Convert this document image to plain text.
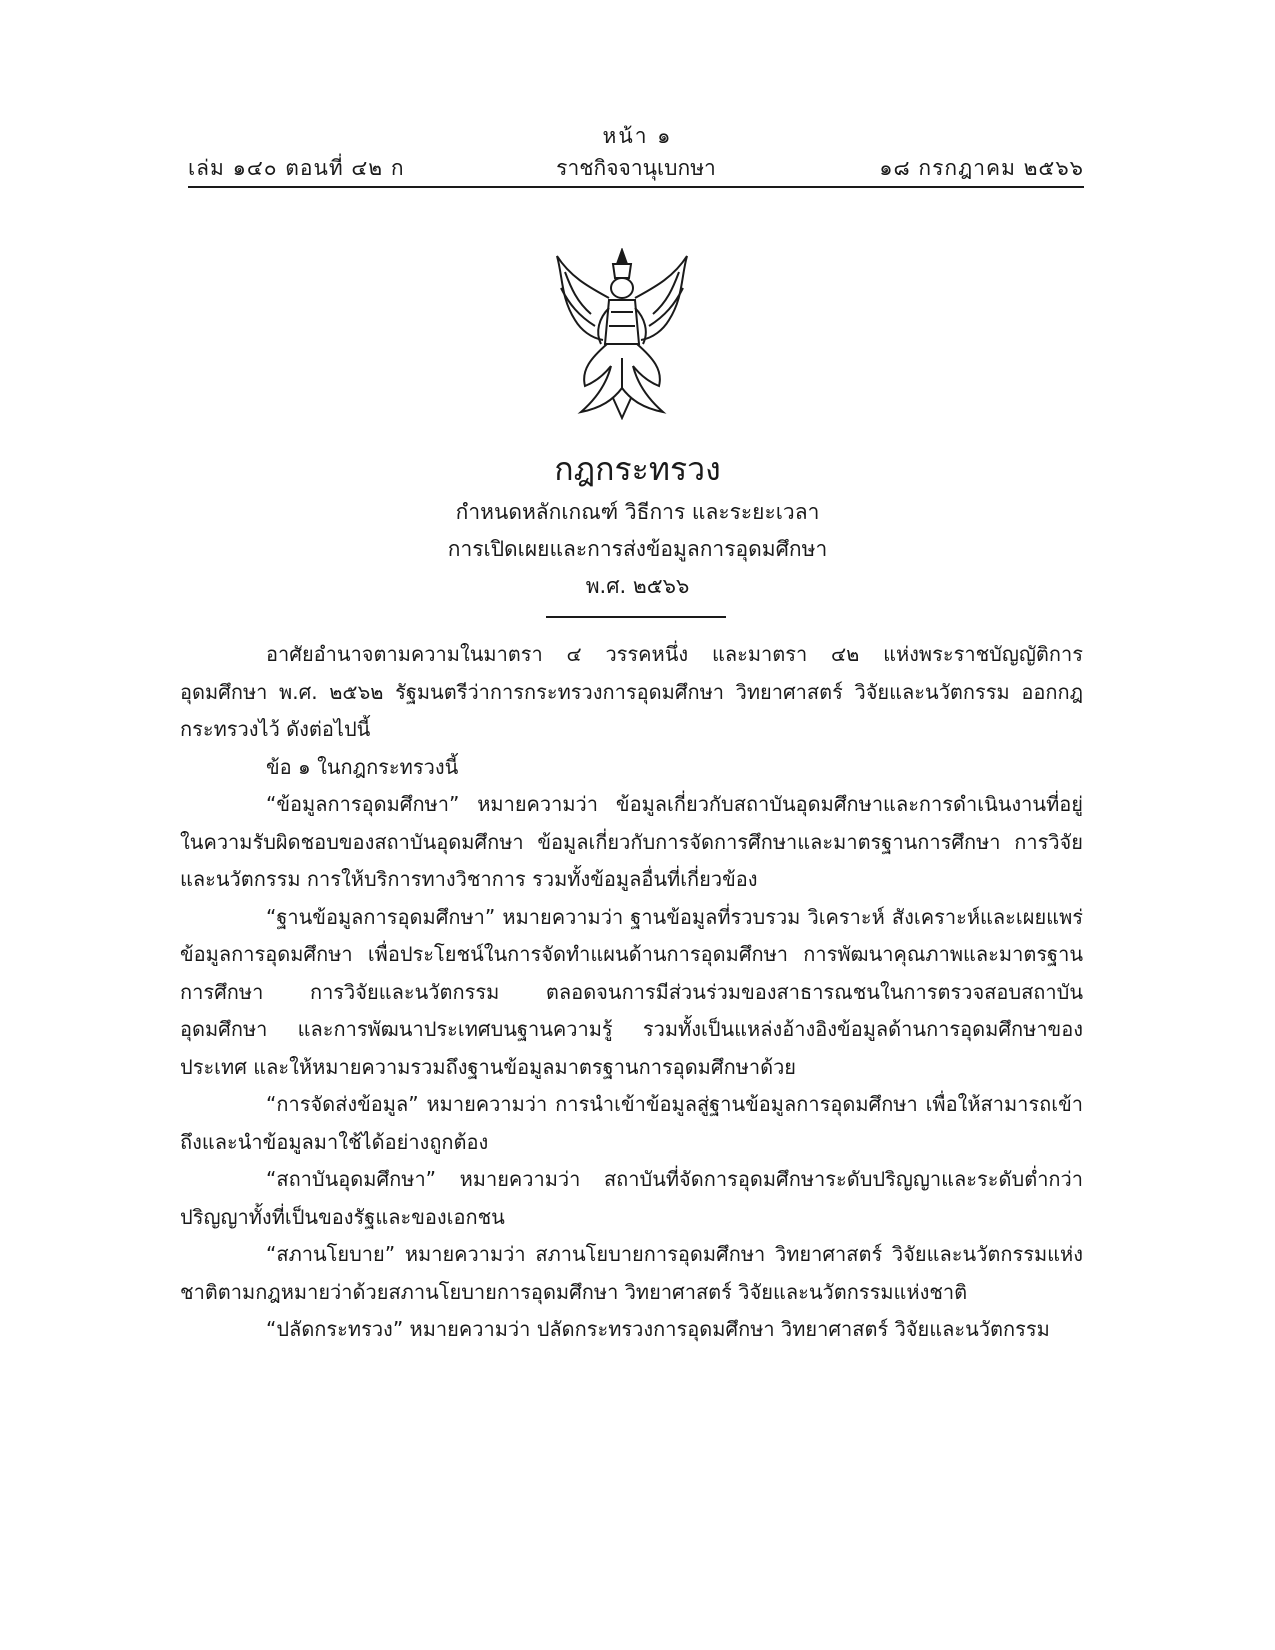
หน้า ๑
เล่ม ๑๔๐ ตอนที่ ๔๒ ก	ราชกิจจานุเบกษา	๑๘ กรกฎาคม ๒๕๖๖
กฎกระทรวง
กำหนดหลักเกณฑ์ วิธีการ และระยะเวลา
การเปิดเผยและการส่งข้อมูลการอุดมศึกษา
พ.ศ. ๒๕๖๖

อาศัยอำนาจตามความในมาตรา ๔ วรรคหนึ่ง และมาตรา ๔๒ แห่งพระราชบัญญัติการอุดมศึกษา พ.ศ. ๒๕๖๒ รัฐมนตรีว่าการกระทรวงการอุดมศึกษา วิทยาศาสตร์ วิจัยและนวัตกรรม ออกกฎกระทรวงไว้ ดังต่อไปนี้

ข้อ ๑ ในกฎกระทรวงนี้

“ข้อมูลการอุดมศึกษา” หมายความว่า ข้อมูลเกี่ยวกับสถาบันอุดมศึกษาและการดำเนินงานที่อยู่ในความรับผิดชอบของสถาบันอุดมศึกษา ข้อมูลเกี่ยวกับการจัดการศึกษาและมาตรฐานการศึกษา การวิจัยและนวัตกรรม การให้บริการทางวิชาการ รวมทั้งข้อมูลอื่นที่เกี่ยวข้อง

“ฐานข้อมูลการอุดมศึกษา” หมายความว่า ฐานข้อมูลที่รวบรวม วิเคราะห์ สังเคราะห์และเผยแพร่ข้อมูลการอุดมศึกษา เพื่อประโยชน์ในการจัดทำแผนด้านการอุดมศึกษา การพัฒนาคุณภาพและมาตรฐานการศึกษา การวิจัยและนวัตกรรม ตลอดจนการมีส่วนร่วมของสาธารณชนในการตรวจสอบสถาบันอุดมศึกษา และการพัฒนาประเทศบนฐานความรู้ รวมทั้งเป็นแหล่งอ้างอิงข้อมูลด้านการอุดมศึกษาของประเทศ และให้หมายความรวมถึงฐานข้อมูลมาตรฐานการอุดมศึกษาด้วย

“การจัดส่งข้อมูล” หมายความว่า การนำเข้าข้อมูลสู่ฐานข้อมูลการอุดมศึกษา เพื่อให้สามารถเข้าถึงและนำข้อมูลมาใช้ได้อย่างถูกต้อง

“สถาบันอุดมศึกษา” หมายความว่า สถาบันที่จัดการอุดมศึกษาระดับปริญญาและระดับต่ำกว่าปริญญาทั้งที่เป็นของรัฐและของเอกชน

“สภานโยบาย” หมายความว่า สภานโยบายการอุดมศึกษา วิทยาศาสตร์ วิจัยและนวัตกรรมแห่งชาติตามกฎหมายว่าด้วยสภานโยบายการอุดมศึกษา วิทยาศาสตร์ วิจัยและนวัตกรรมแห่งชาติ

“ปลัดกระทรวง” หมายความว่า ปลัดกระทรวงการอุดมศึกษา วิทยาศาสตร์ วิจัยและนวัตกรรม
